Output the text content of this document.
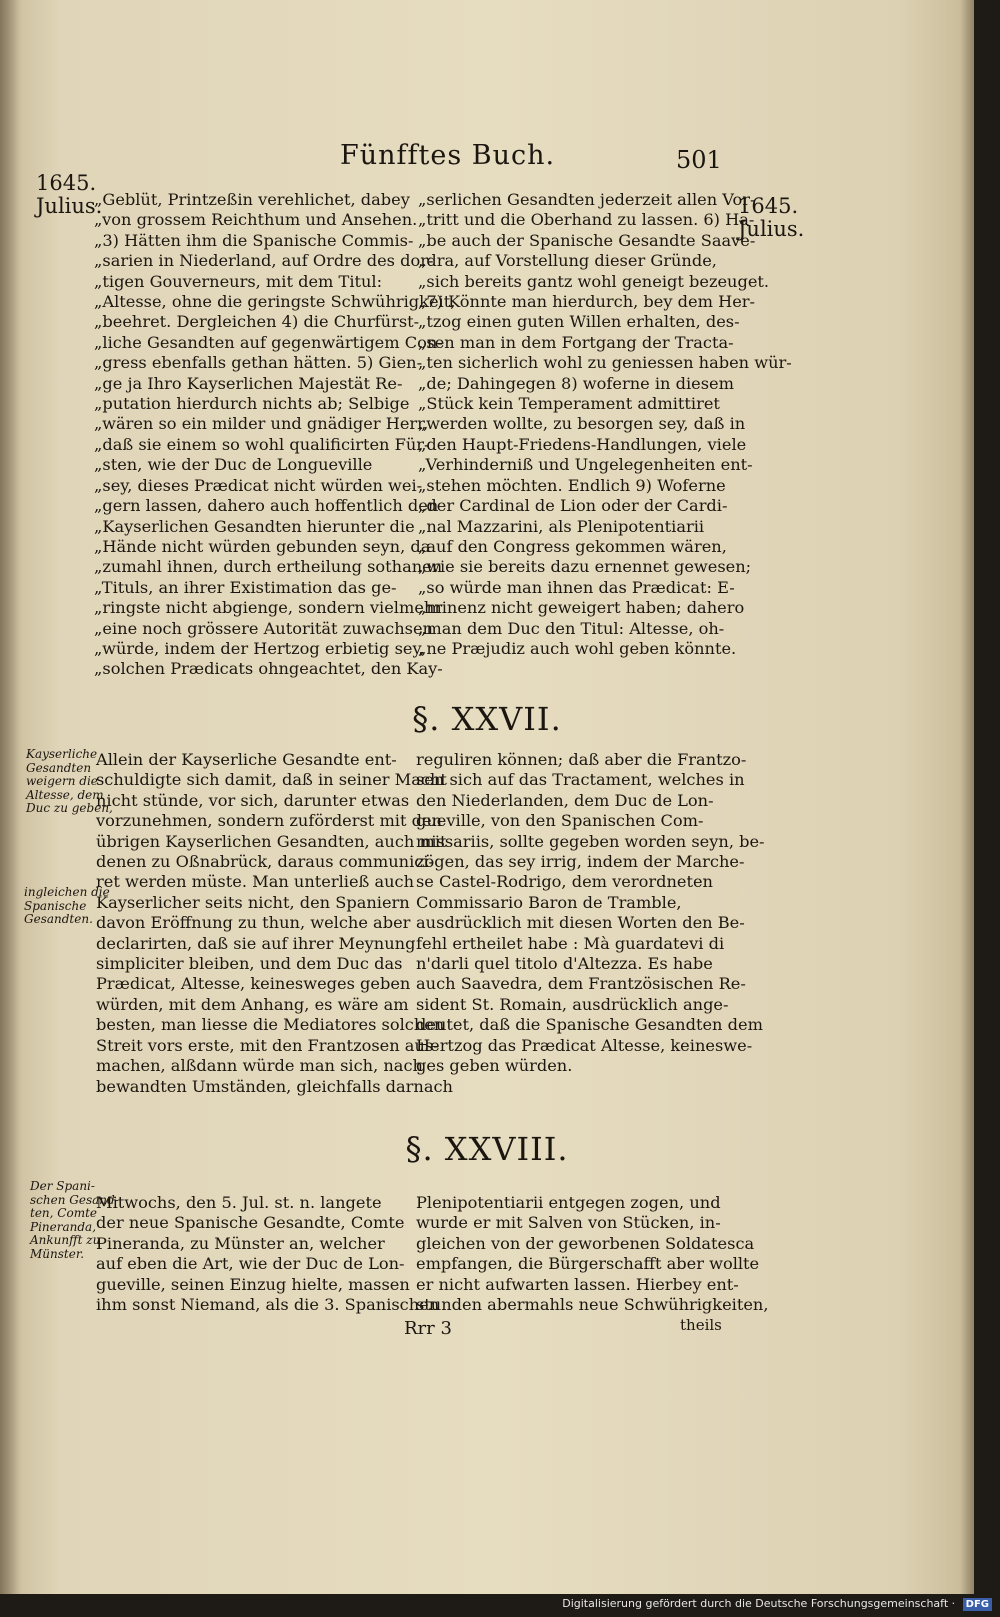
Fünfftes Buch.	501
1645.
Julius.	1645.
Julius.
„Geblüt, Printzeßin verehlichet, dabey
„von grossem Reichthum und Ansehen.
„3) Hätten ihm die Spanische Commis-
„sarien in Niederland, auf Ordre des dor-
„tigen Gouverneurs, mit dem Titul:
„Altesse, ohne die geringste Schwührigkeit,
„beehret. Dergleichen 4) die Churfürst-
„liche Gesandten auf gegenwärtigem Con-
„gress ebenfalls gethan hätten. 5) Gien-
„ge ja Ihro Kayserlichen Majestät Re-
„putation hierdurch nichts ab; Selbige
„wären so ein milder und gnädiger Herr,
„daß sie einem so wohl qualificirten Für-
„sten, wie der Duc de Longueville
„sey, dieses Prædicat nicht würden wei-
„gern lassen, dahero auch hoffentlich den
„Kayserlichen Gesandten hierunter die
„Hände nicht würden gebunden seyn, da
„zumahl ihnen, durch ertheilung sothanen
„Tituls, an ihrer Existimation das ge-
„ringste nicht abgienge, sondern vielmehr
„eine noch grössere Autorität zuwachsen
„würde, indem der Hertzog erbietig sey,
„solchen Prædicats ohngeachtet, den Kay-
„serlichen Gesandten jederzeit allen Vor-
„tritt und die Oberhand zu lassen. 6) Ha-
„be auch der Spanische Gesandte Saave-
„dra, auf Vorstellung dieser Gründe,
„sich bereits gantz wohl geneigt bezeuget.
„7) Könnte man hierdurch, bey dem Her-
„tzog einen guten Willen erhalten, des-
„sen man in dem Fortgang der Tracta-
„ten sicherlich wohl zu geniessen haben wür-
„de; Dahingegen 8) woferne in diesem
„Stück kein Temperament admittiret
„werden wollte, zu besorgen sey, daß in
„den Haupt-Friedens-Handlungen, viele
„Verhinderniß und Ungelegenheiten ent-
„stehen möchten. Endlich 9) Woferne
„der Cardinal de Lion oder der Cardi-
„nal Mazzarini, als Plenipotentiarii
„auf den Congress gekommen wären,
„wie sie bereits dazu ernennet gewesen;
„so würde man ihnen das Prædicat: E-
„minenz nicht geweigert haben; dahero
„man dem Duc den Titul: Altesse, oh-
„ne Præjudiz auch wohl geben könnte.
§. XXVII.
Kayserliche
Gesandten
weigern die
Altesse, dem
Duc zu geben,
ingleichen die
Spanische
Gesandten.
Allein der Kayserliche Gesandte ent-
schuldigte sich damit, daß in seiner Macht
nicht stünde, vor sich, darunter etwas
vorzunehmen, sondern zuförderst mit den
übrigen Kayserlichen Gesandten, auch mit
denen zu Oßnabrück, daraus communici-
ret werden müste. Man unterließ auch
Kayserlicher seits nicht, den Spaniern
davon Eröffnung zu thun, welche aber
declarirten, daß sie auf ihrer Meynung
simpliciter bleiben, und dem Duc das
Prædicat, Altesse, keinesweges geben
würden, mit dem Anhang, es wäre am
besten, man liesse die Mediatores solchen
Streit vors erste, mit den Frantzosen aus-
machen, alßdann würde man sich, nach
bewandten Umständen, gleichfalls darnach
reguliren können; daß aber die Frantzo-
sen sich auf das Tractament, welches in
den Niederlanden, dem Duc de Lon-
gueville, von den Spanischen Com-
missariis, sollte gegeben worden seyn, be-
zögen, das sey irrig, indem der Marche-
se Castel-Rodrigo, dem verordneten
Commissario Baron de Tramble,
ausdrücklich mit diesen Worten den Be-
fehl ertheilet habe : Mà guardatevi di
n'darli quel titolo d'Altezza. Es habe
auch Saavedra, dem Frantzösischen Re-
sident St. Romain, ausdrücklich ange-
deutet, daß die Spanische Gesandten dem
Hertzog das Prædicat Altesse, keineswe-
ges geben würden.
§. XXVIII.
Der Spani-
schen Gesand-
ten, Comte
Pineranda,
Ankunfft zu
Münster.
Mitwochs, den 5. Jul. st. n. langete
der neue Spanische Gesandte, Comte
Pineranda, zu Münster an, welcher
auf eben die Art, wie der Duc de Lon-
gueville, seinen Einzug hielte, massen
ihm sonst Niemand, als die 3. Spanischen
Plenipotentiarii entgegen zogen, und
wurde er mit Salven von Stücken, in-
gleichen von der geworbenen Soldatesca
empfangen, die Bürgerschafft aber wollte
er nicht aufwarten lassen. Hierbey ent-
stunden abermahls neue Schwührigkeiten,
Rrr 3	theils
Digitalisierung gefördert durch die Deutsche Forschungsgemeinschaft · DFG
